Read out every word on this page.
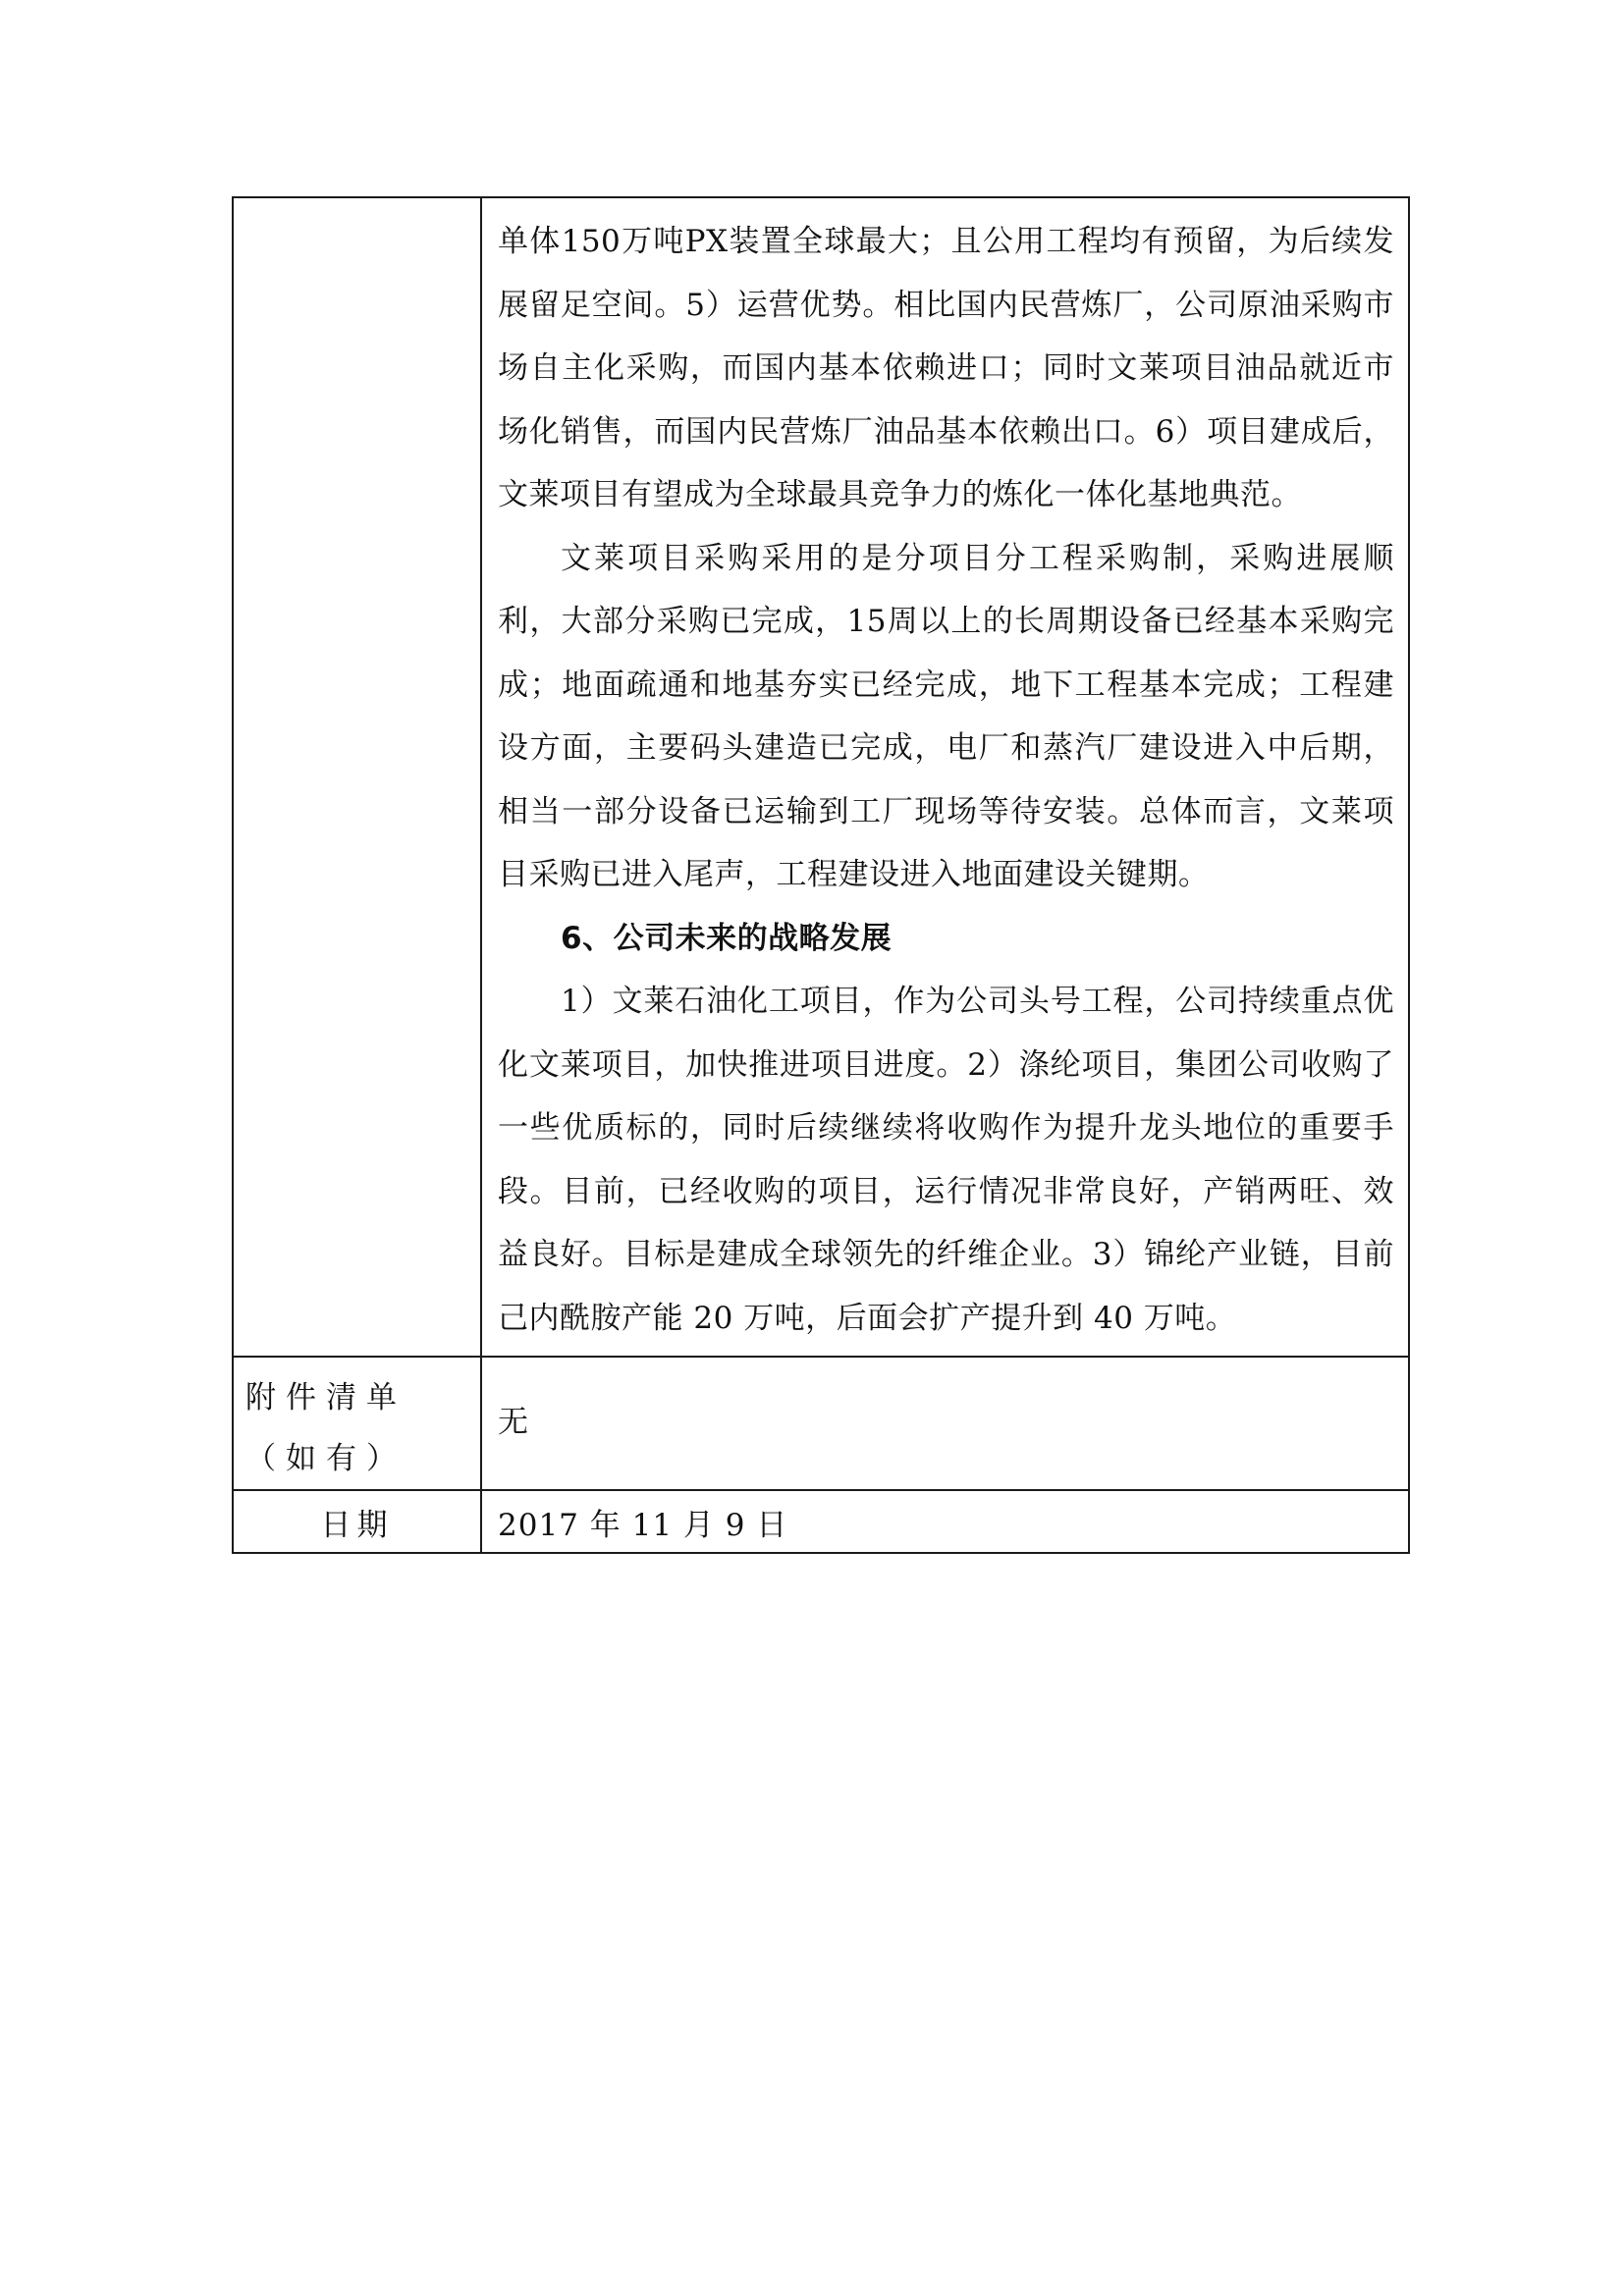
	单体150万吨PX装置全球最大；且公用工程均有预留，为后续发展留足空间。5）运营优势。相比国内民营炼厂，公司原油采购市场自主化采购，而国内基本依赖进口；同时文莱项目油品就近市场化销售，而国内民营炼厂油品基本依赖出口。6）项目建成后，文莱项目有望成为全球最具竞争力的炼化一体化基地典范。

文莱项目采购采用的是分项目分工程采购制，采购进展顺利，大部分采购已完成，15周以上的长周期设备已经基本采购完成；地面疏通和地基夯实已经完成，地下工程基本完成；工程建设方面，主要码头建造已完成，电厂和蒸汽厂建设进入中后期，相当一部分设备已运输到工厂现场等待安装。总体而言，文莱项目采购已进入尾声，工程建设进入地面建设关键期。

6、公司未来的战略发展

1）文莱石油化工项目，作为公司头号工程，公司持续重点优化文莱项目，加快推进项目进度。2）涤纶项目，集团公司收购了一些优质标的，同时后续继续将收购作为提升龙头地位的重要手段。目前，已经收购的项目，运行情况非常良好，产销两旺、效益良好。目标是建成全球领先的纤维企业。3）锦纶产业链，目前己内酰胺产能 20 万吨，后面会扩产提升到 40 万吨。

附件清单（如有）	无
日期	2017 年 11 月 9 日
